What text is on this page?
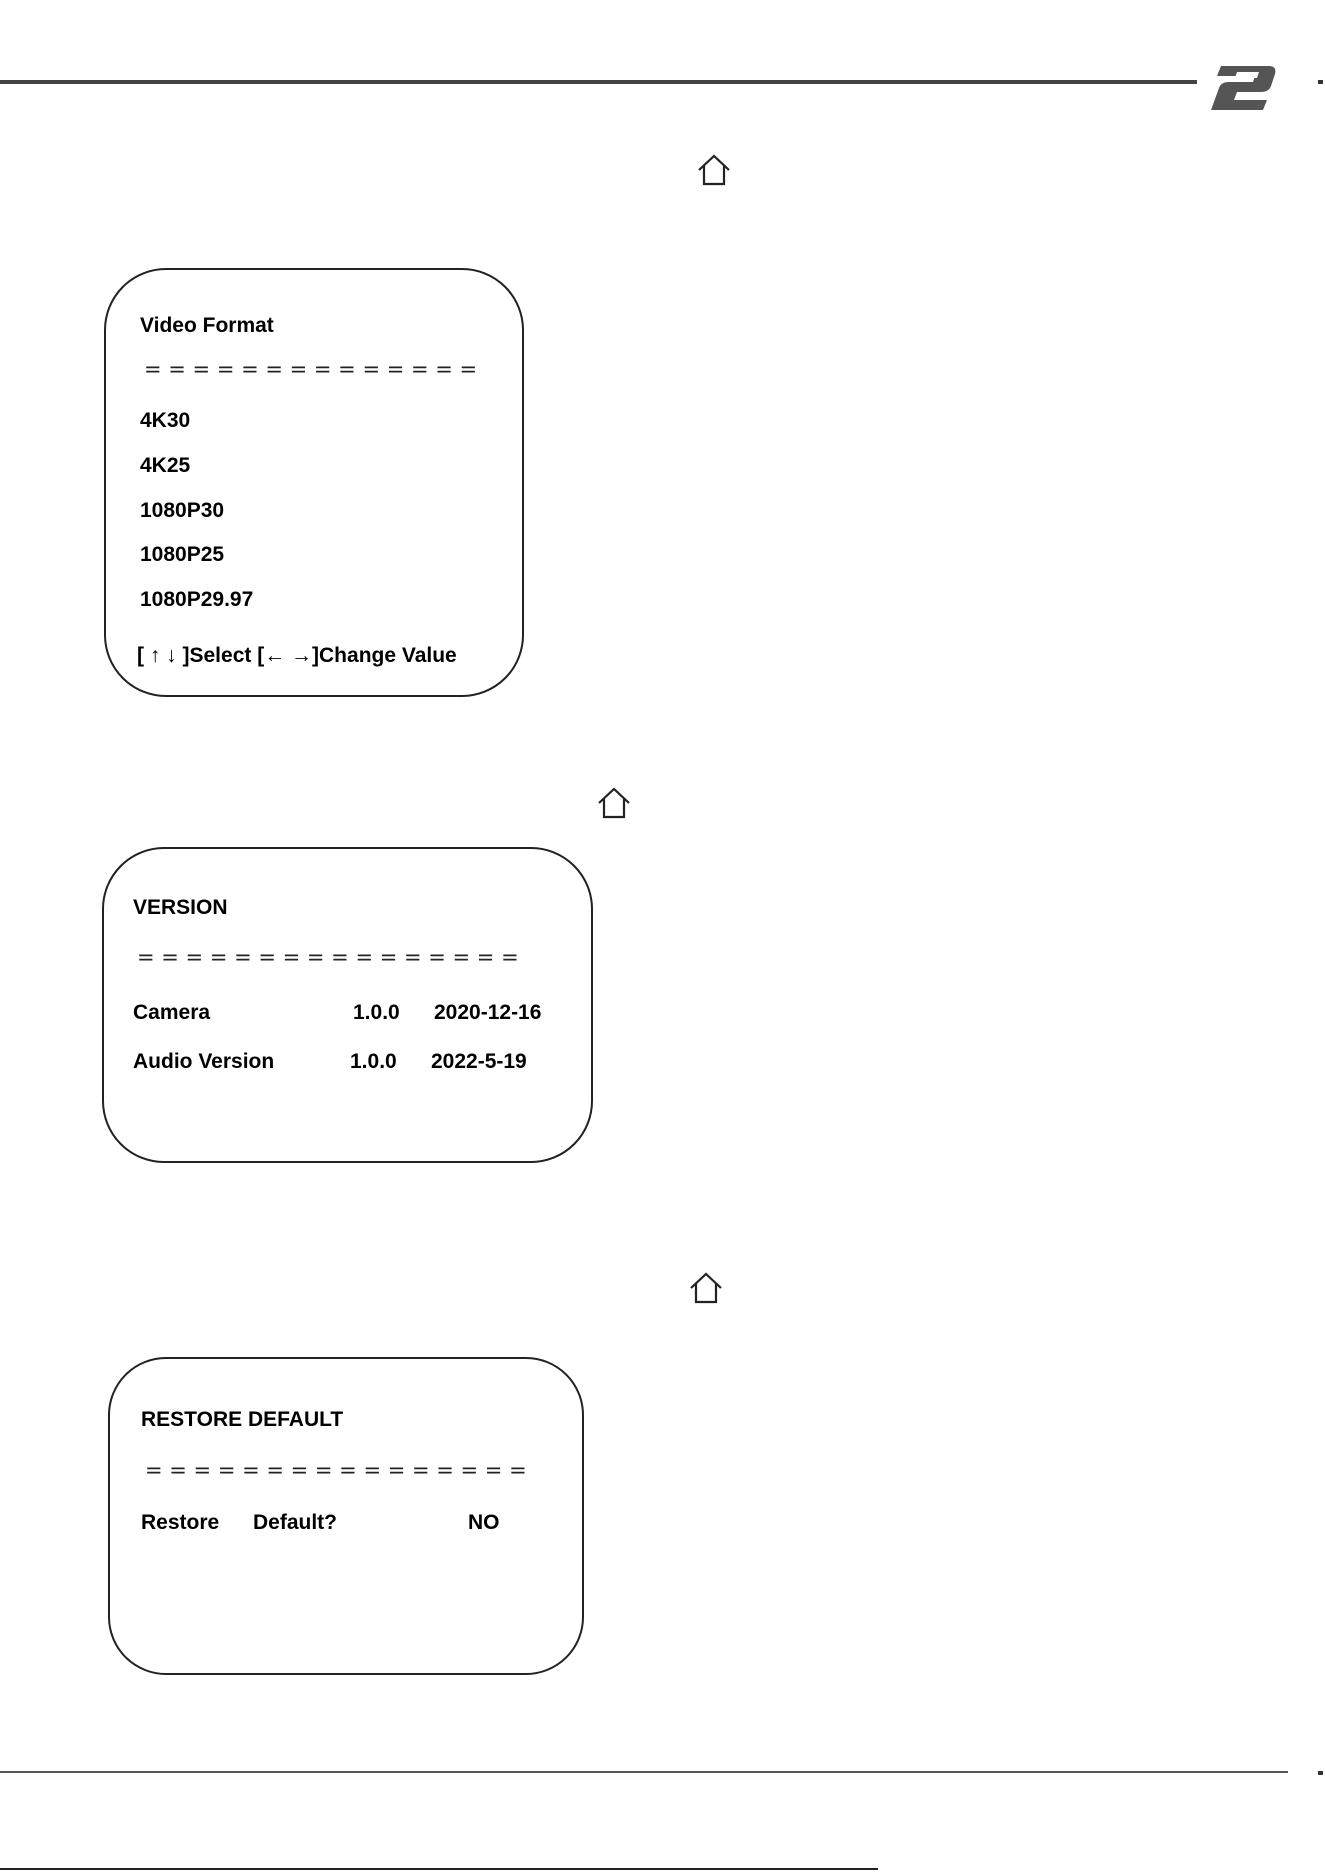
Video Format
= = = = = = = = = = = = = =
4K30
4K25
1080P30
1080P25
1080P29.97
[ ↑ ↓ ]Select [← →]Change Value
VERSION
= = = = = = = = = = = = = = = =
Camera	1.0.0 2020-12-16
Audio Version	1.0.0 2022-5-19
RESTORE DEFAULT
= = = = = = = = = = = = = = = =
Restore Default?	NO
